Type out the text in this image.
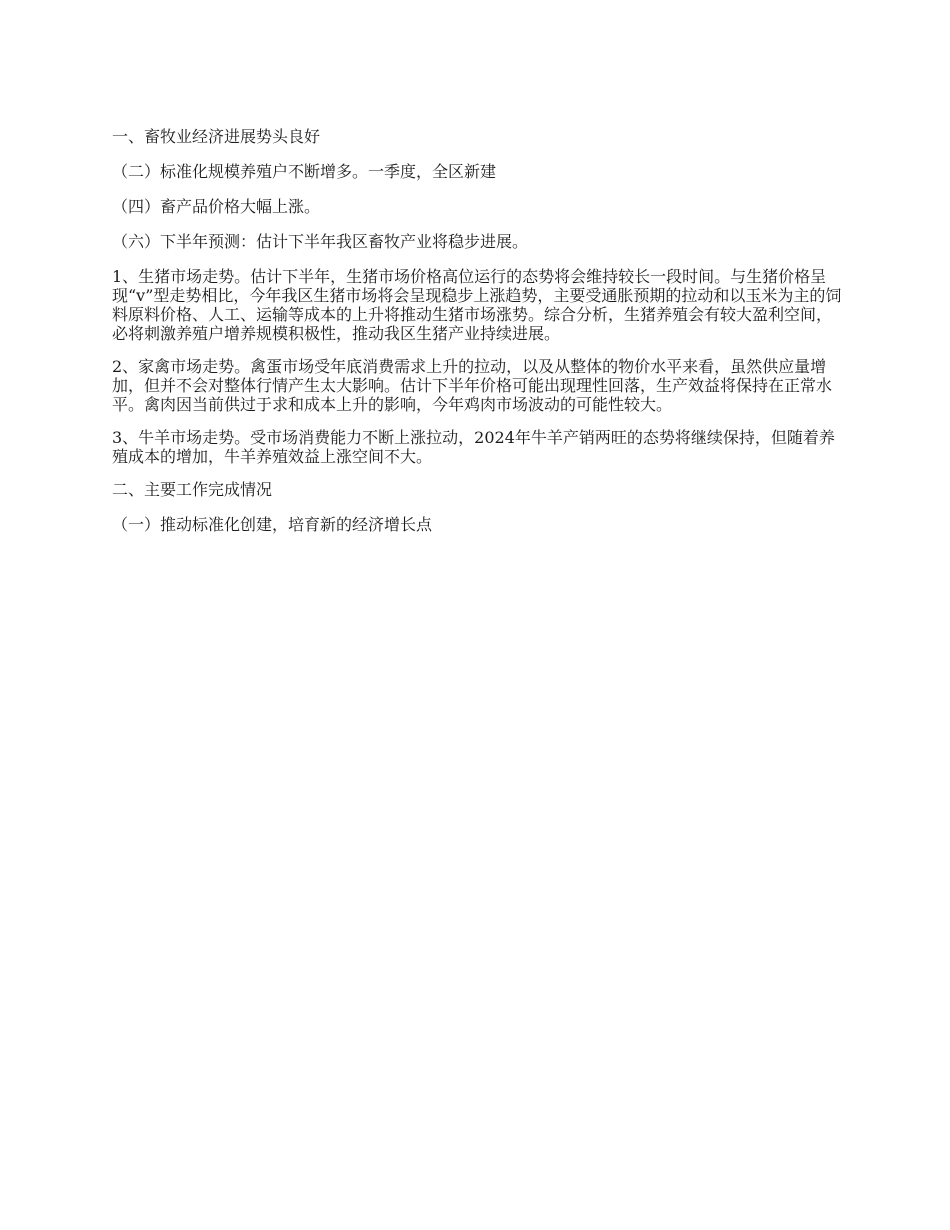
一、畜牧业经济进展势头良好

（二）标准化规模养殖户不断增多。一季度，全区新建

（四）畜产品价格大幅上涨。

（六）下半年预测：估计下半年我区畜牧产业将稳步进展。

1、生猪市场走势。估计下半年，生猪市场价格高位运行的态势将会维持较长一段时间。与生猪价格呈现“v”型走势相比，今年我区生猪市场将会呈现稳步上涨趋势，主要受通胀预期的拉动和以玉米为主的饲料原料价格、人工、运输等成本的上升将推动生猪市场涨势。综合分析，生猪养殖会有较大盈利空间，必将刺激养殖户增养规模积极性，推动我区生猪产业持续进展。

2、家禽市场走势。禽蛋市场受年底消费需求上升的拉动，以及从整体的物价水平来看，虽然供应量增加，但并不会对整体行情产生太大影响。估计下半年价格可能出现理性回落，生产效益将保持在正常水平。禽肉因当前供过于求和成本上升的影响，今年鸡肉市场波动的可能性较大。

3、牛羊市场走势。受市场消费能力不断上涨拉动，2024年牛羊产销两旺的态势将继续保持，但随着养殖成本的增加，牛羊养殖效益上涨空间不大。

二、主要工作完成情况

（一）推动标准化创建，培育新的经济增长点
